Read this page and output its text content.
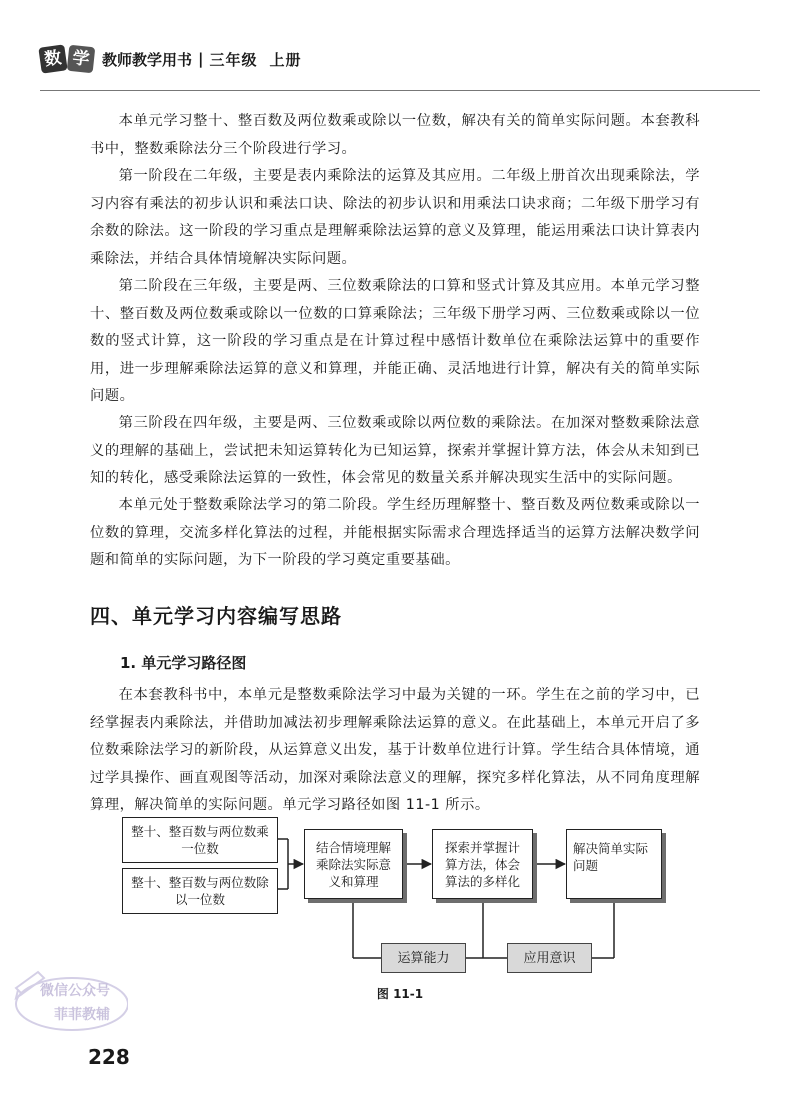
数 学 教师教学用书 | 三年级 上册

本单元学习整十、整百数及两位数乘或除以一位数，解决有关的简单实际问题。本套教科书中，整数乘除法分三个阶段进行学习。

第一阶段在二年级，主要是表内乘除法的运算及其应用。二年级上册首次出现乘除法，学习内容有乘法的初步认识和乘法口诀、除法的初步认识和用乘法口诀求商；二年级下册学习有余数的除法。这一阶段的学习重点是理解乘除法运算的意义及算理，能运用乘法口诀计算表内乘除法，并结合具体情境解决实际问题。

第二阶段在三年级，主要是两、三位数乘除法的口算和竖式计算及其应用。本单元学习整十、整百数及两位数乘或除以一位数的口算乘除法；三年级下册学习两、三位数乘或除以一位数的竖式计算，这一阶段的学习重点是在计算过程中感悟计数单位在乘除法运算中的重要作用，进一步理解乘除法运算的意义和算理，并能正确、灵活地进行计算，解决有关的简单实际问题。

第三阶段在四年级，主要是两、三位数乘或除以两位数的乘除法。在加深对整数乘除法意义的理解的基础上，尝试把未知运算转化为已知运算，探索并掌握计算方法，体会从未知到已知的转化，感受乘除法运算的一致性，体会常见的数量关系并解决现实生活中的实际问题。

本单元处于整数乘除法学习的第二阶段。学生经历理解整十、整百数及两位数乘或除以一位数的算理，交流多样化算法的过程，并能根据实际需求合理选择适当的运算方法解决数学问题和简单的实际问题，为下一阶段的学习奠定重要基础。

四、单元学习内容编写思路
1. 单元学习路径图

在本套教科书中，本单元是整数乘除法学习中最为关键的一环。学生在之前的学习中，已经掌握表内乘除法，并借助加减法初步理解乘除法运算的意义。在此基础上，本单元开启了多位数乘除法学习的新阶段，从运算意义出发，基于计数单位进行计算。学生结合具体情境，通过学具操作、画直观图等活动，加深对乘除法意义的理解，探究多样化算法，从不同角度理解算理，解决简单的实际问题。单元学习路径如图 11-1 所示。

整十、整百数与两位数乘一位数
整十、整百数与两位数除以一位数
结合情境理解乘除法实际意义和算理
探索并掌握计算方法，体会算法的多样化
解决简单实际问题
运算能力	应用意识
图 11-1
微信公众号
菲菲教辅
228
